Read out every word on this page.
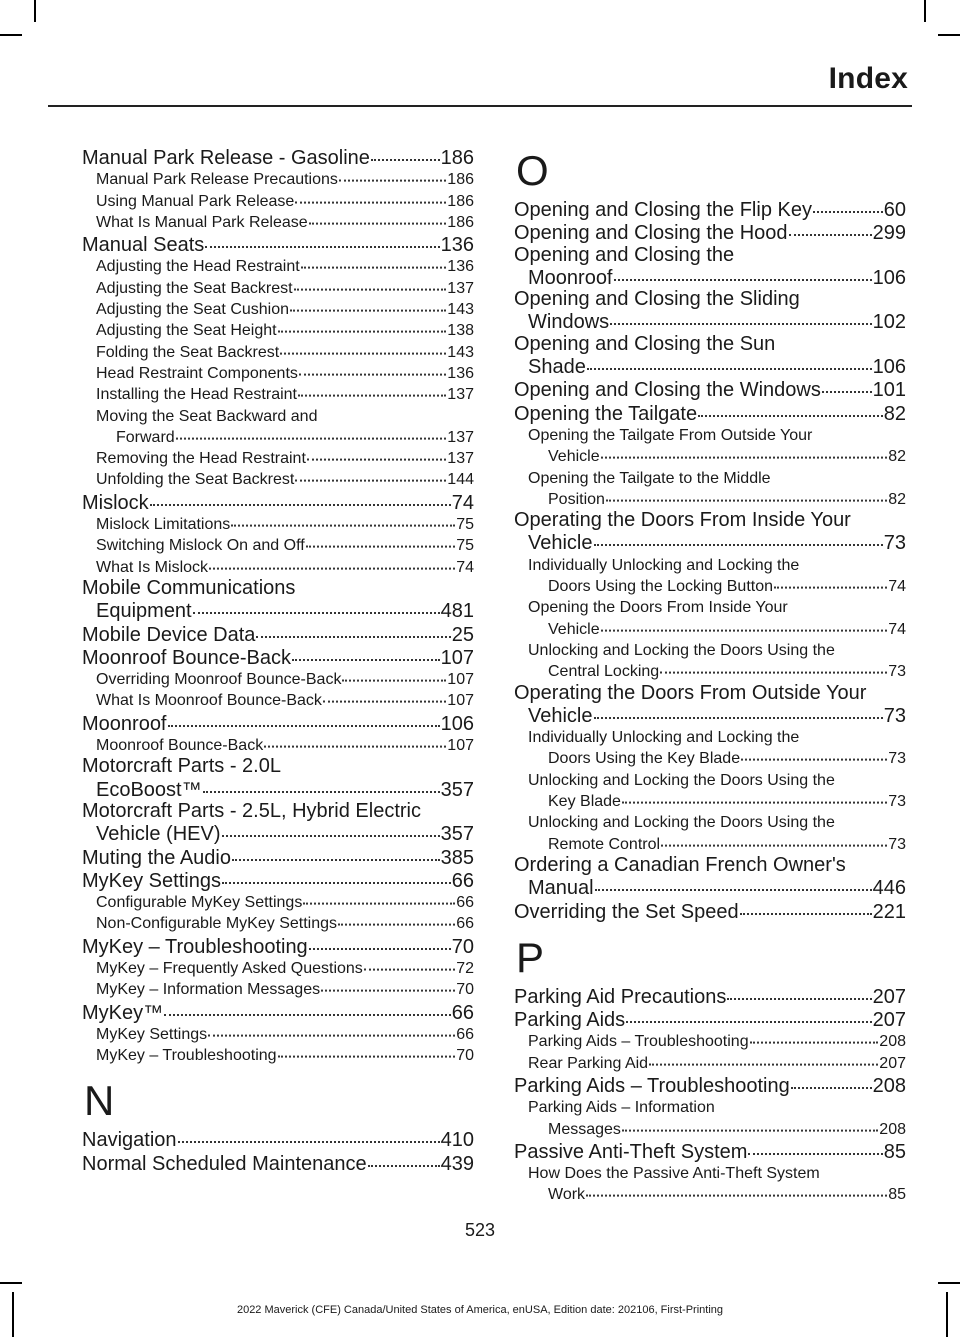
Index
Manual Park Release - Gasoline	186
Manual Park Release Precautions	186
Using Manual Park Release	186
What Is Manual Park Release	186
Manual Seats	136
Adjusting the Head Restraint	136
Adjusting the Seat Backrest	137
Adjusting the Seat Cushion	143
Adjusting the Seat Height	138
Folding the Seat Backrest	143
Head Restraint Components	136
Installing the Head Restraint	137
Moving the Seat Backward and
Forward	137
Removing the Head Restraint	137
Unfolding the Seat Backrest	144
Mislock	74
Mislock Limitations	75
Switching Mislock On and Off	75
What Is Mislock	74
Mobile Communications
Equipment	481
Mobile Device Data	25
Moonroof Bounce-Back	107
Overriding Moonroof Bounce-Back	107
What Is Moonroof Bounce-Back	107
Moonroof	106
Moonroof Bounce-Back	107
Motorcraft Parts - 2.0L
EcoBoost™	357
Motorcraft Parts - 2.5L, Hybrid Electric
Vehicle (HEV)	357
Muting the Audio	385
MyKey Settings	66
Configurable MyKey Settings	66
Non-Configurable MyKey Settings	66
MyKey – Troubleshooting	70
MyKey – Frequently Asked Questions	72
MyKey – Information Messages	70
MyKey™	66
MyKey Settings	66
MyKey – Troubleshooting	70
N
Navigation	410
Normal Scheduled Maintenance	439
O
Opening and Closing the Flip Key	60
Opening and Closing the Hood	299
Opening and Closing the
Moonroof	106
Opening and Closing the Sliding
Windows	102
Opening and Closing the Sun
Shade	106
Opening and Closing the Windows	101
Opening the Tailgate	82
Opening the Tailgate From Outside Your
Vehicle	82
Opening the Tailgate to the Middle
Position	82
Operating the Doors From Inside Your
Vehicle	73
Individually Unlocking and Locking the
Doors Using the Locking Button	74
Opening the Doors From Inside Your
Vehicle	74
Unlocking and Locking the Doors Using the
Central Locking	73
Operating the Doors From Outside Your
Vehicle	73
Individually Unlocking and Locking the
Doors Using the Key Blade	73
Unlocking and Locking the Doors Using the
Key Blade	73
Unlocking and Locking the Doors Using the
Remote Control	73
Ordering a Canadian French Owner's
Manual	446
Overriding the Set Speed	221
P
Parking Aid Precautions	207
Parking Aids	207
Parking Aids – Troubleshooting	208
Rear Parking Aid	207
Parking Aids – Troubleshooting	208
Parking Aids – Information
Messages	208
Passive Anti-Theft System	85
How Does the Passive Anti-Theft System
Work	85
523
2022 Maverick (CFE) Canada/United States of America, enUSA, Edition date: 202106, First-Printing
